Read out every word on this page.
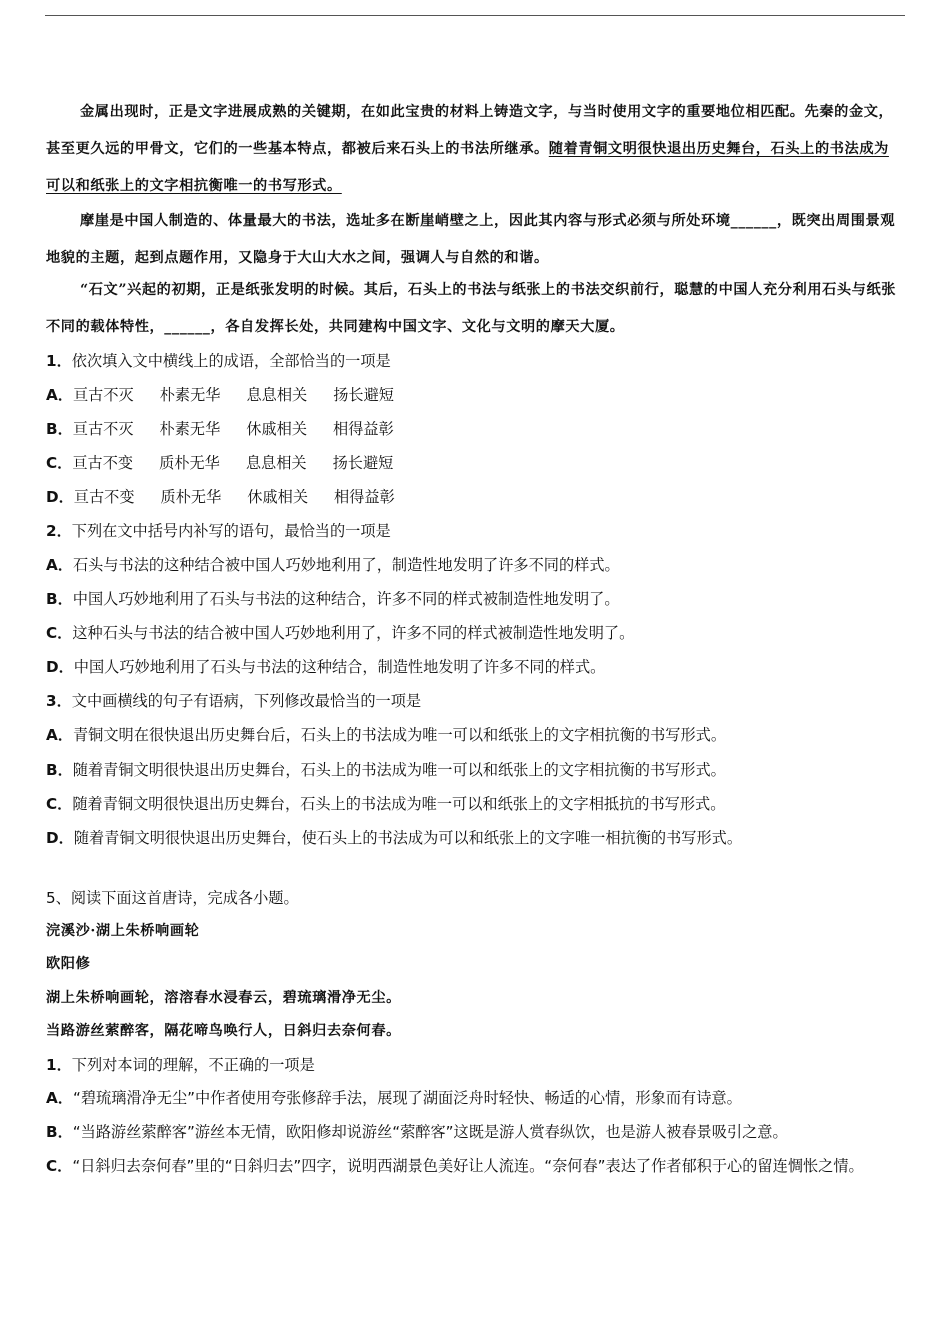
金属出现时，正是文字进展成熟的关键期，在如此宝贵的材料上铸造文字，与当时使用文字的重要地位相匹配。先秦的金文，甚至更久远的甲骨文，它们的一些基本特点，都被后来石头上的书法所继承。随着青铜文明很快退出历史舞台，石头上的书法成为可以和纸张上的文字相抗衡唯一的书写形式。
摩崖是中国人制造的、体量最大的书法，选址多在断崖峭壁之上，因此其内容与形式必须与所处环境______，既突出周围景观地貌的主题，起到点题作用，又隐身于大山大水之间，强调人与自然的和谐。
“石文”兴起的初期，正是纸张发明的时候。其后，石头上的书法与纸张上的书法交织前行，聪慧的中国人充分利用石头与纸张不同的载体特性，______，各自发挥长处，共同建构中国文字、文化与文明的摩天大厦。
1．依次填入文中横线上的成语，全部恰当的一项是
A．亘古不灭 朴素无华 息息相关 扬长避短
B．亘古不灭 朴素无华 休戚相关 相得益彰
C．亘古不变 质朴无华 息息相关 扬长避短
D．亘古不变 质朴无华 休戚相关 相得益彰
2．下列在文中括号内补写的语句，最恰当的一项是
A．石头与书法的这种结合被中国人巧妙地利用了，制造性地发明了许多不同的样式。
B．中国人巧妙地利用了石头与书法的这种结合，许多不同的样式被制造性地发明了。
C．这种石头与书法的结合被中国人巧妙地利用了，许多不同的样式被制造性地发明了。
D．中国人巧妙地利用了石头与书法的这种结合，制造性地发明了许多不同的样式。
3．文中画横线的句子有语病，下列修改最恰当的一项是
A．青铜文明在很快退出历史舞台后，石头上的书法成为唯一可以和纸张上的文字相抗衡的书写形式。
B．随着青铜文明很快退出历史舞台，石头上的书法成为唯一可以和纸张上的文字相抗衡的书写形式。
C．随着青铜文明很快退出历史舞台，石头上的书法成为唯一可以和纸张上的文字相抵抗的书写形式。
D．随着青铜文明很快退出历史舞台，使石头上的书法成为可以和纸张上的文字唯一相抗衡的书写形式。
5、阅读下面这首唐诗，完成各小题。
浣溪沙·湖上朱桥响画轮
欧阳修
湖上朱桥响画轮，溶溶春水浸春云，碧琉璃滑净无尘。
当路游丝萦醉客，隔花啼鸟唤行人，日斜归去奈何春。
1．下列对本词的理解，不正确的一项是
A．“碧琉璃滑净无尘”中作者使用夸张修辞手法，展现了湖面泛舟时轻快、畅适的心情，形象而有诗意。
B．“当路游丝萦醉客”游丝本无情，欧阳修却说游丝“萦醉客”这既是游人赏春纵饮，也是游人被春景吸引之意。
C．“日斜归去奈何春”里的“日斜归去”四字，说明西湖景色美好让人流连。“奈何春”表达了作者郁积于心的留连惆怅之情。
